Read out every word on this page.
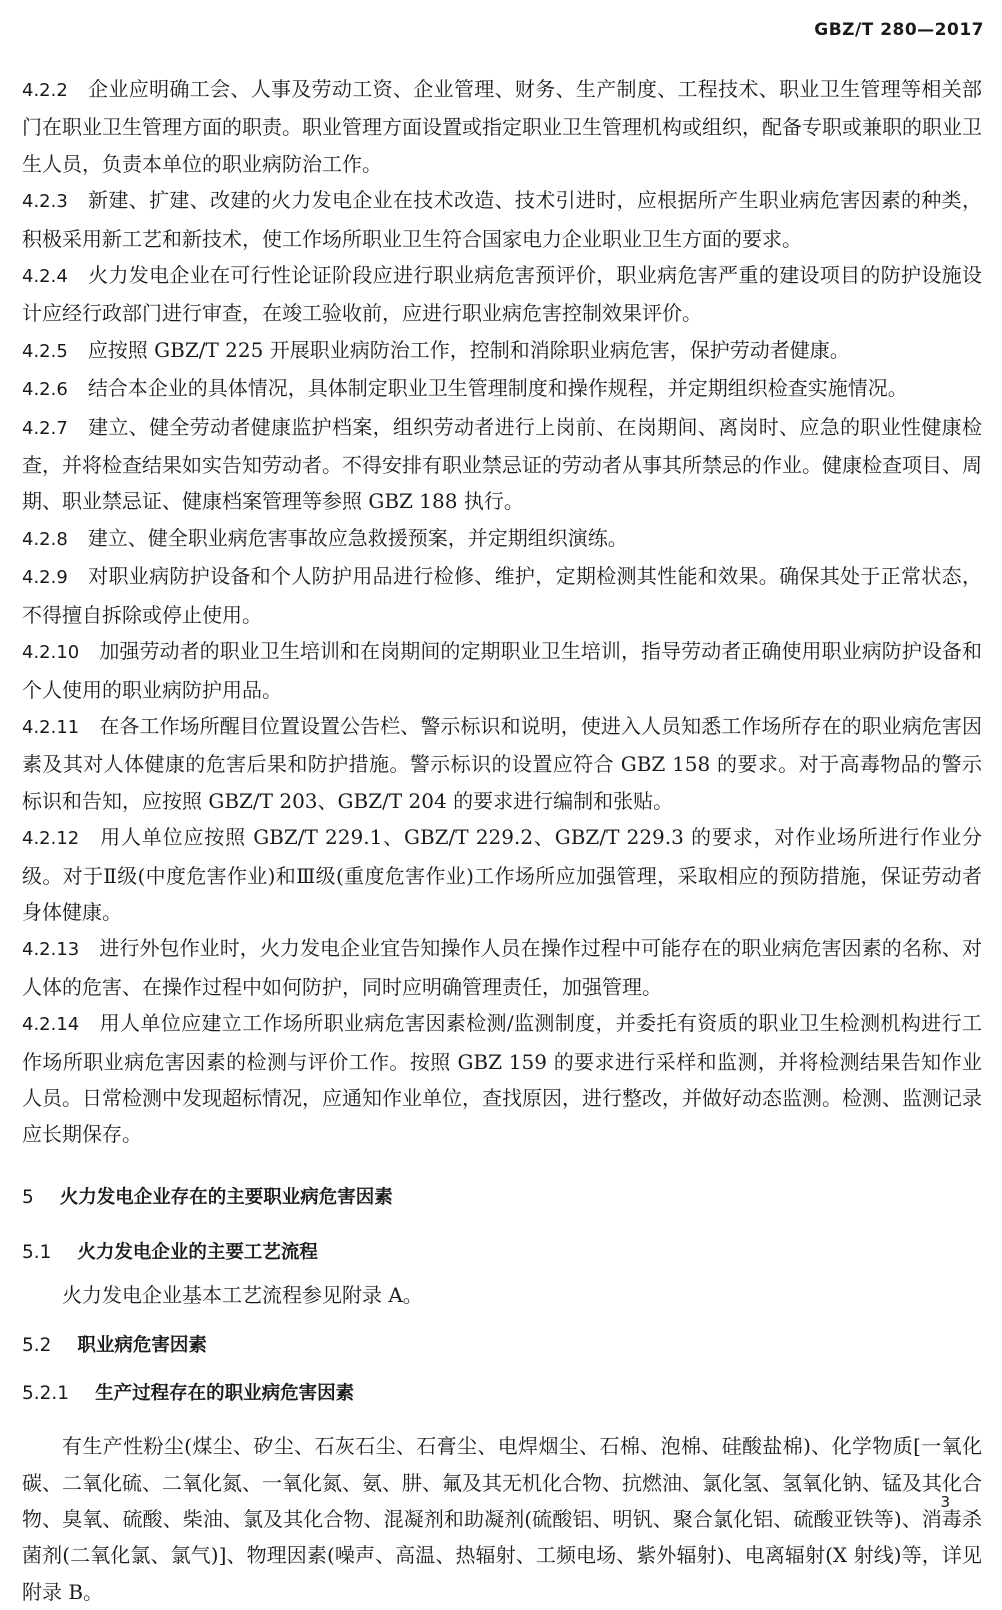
GBZ/T 280—2017

4.2.2 企业应明确工会、人事及劳动工资、企业管理、财务、生产制度、工程技术、职业卫生管理等相关部门在职业卫生管理方面的职责。职业管理方面设置或指定职业卫生管理机构或组织，配备专职或兼职的职业卫生人员，负责本单位的职业病防治工作。

4.2.3 新建、扩建、改建的火力发电企业在技术改造、技术引进时，应根据所产生职业病危害因素的种类，积极采用新工艺和新技术，使工作场所职业卫生符合国家电力企业职业卫生方面的要求。

4.2.4 火力发电企业在可行性论证阶段应进行职业病危害预评价，职业病危害严重的建设项目的防护设施设计应经行政部门进行审查，在竣工验收前，应进行职业病危害控制效果评价。

4.2.5 应按照 GBZ/T 225 开展职业病防治工作，控制和消除职业病危害，保护劳动者健康。

4.2.6 结合本企业的具体情况，具体制定职业卫生管理制度和操作规程，并定期组织检查实施情况。

4.2.7 建立、健全劳动者健康监护档案，组织劳动者进行上岗前、在岗期间、离岗时、应急的职业性健康检查，并将检查结果如实告知劳动者。不得安排有职业禁忌证的劳动者从事其所禁忌的作业。健康检查项目、周期、职业禁忌证、健康档案管理等参照 GBZ 188 执行。

4.2.8 建立、健全职业病危害事故应急救援预案，并定期组织演练。

4.2.9 对职业病防护设备和个人防护用品进行检修、维护，定期检测其性能和效果。确保其处于正常状态，不得擅自拆除或停止使用。

4.2.10 加强劳动者的职业卫生培训和在岗期间的定期职业卫生培训，指导劳动者正确使用职业病防护设备和个人使用的职业病防护用品。

4.2.11 在各工作场所醒目位置设置公告栏、警示标识和说明，使进入人员知悉工作场所存在的职业病危害因素及其对人体健康的危害后果和防护措施。警示标识的设置应符合 GBZ 158 的要求。对于高毒物品的警示标识和告知，应按照 GBZ/T 203、GBZ/T 204 的要求进行编制和张贴。

4.2.12 用人单位应按照 GBZ/T 229.1、GBZ/T 229.2、GBZ/T 229.3 的要求，对作业场所进行作业分级。对于Ⅱ级(中度危害作业)和Ⅲ级(重度危害作业)工作场所应加强管理，采取相应的预防措施，保证劳动者身体健康。

4.2.13 进行外包作业时，火力发电企业宜告知操作人员在操作过程中可能存在的职业病危害因素的名称、对人体的危害、在操作过程中如何防护，同时应明确管理责任，加强管理。

4.2.14 用人单位应建立工作场所职业病危害因素检测/监测制度，并委托有资质的职业卫生检测机构进行工作场所职业病危害因素的检测与评价工作。按照 GBZ 159 的要求进行采样和监测，并将检测结果告知作业人员。日常检测中发现超标情况，应通知作业单位，查找原因，进行整改，并做好动态监测。检测、监测记录应长期保存。

5 火力发电企业存在的主要职业病危害因素
5.1 火力发电企业的主要工艺流程

火力发电企业基本工艺流程参见附录 A。

5.2 职业病危害因素
5.2.1 生产过程存在的职业病危害因素

有生产性粉尘(煤尘、矽尘、石灰石尘、石膏尘、电焊烟尘、石棉、泡棉、硅酸盐棉)、化学物质[一氧化碳、二氧化硫、二氧化氮、一氧化氮、氨、肼、氟及其无机化合物、抗燃油、氯化氢、氢氧化钠、锰及其化合物、臭氧、硫酸、柴油、氯及其化合物、混凝剂和助凝剂(硫酸铝、明钒、聚合氯化铝、硫酸亚铁等)、消毒杀菌剂(二氧化氯、氯气)]、物理因素(噪声、高温、热辐射、工频电场、紫外辐射)、电离辐射(X 射线)等，详见附录 B。

3
